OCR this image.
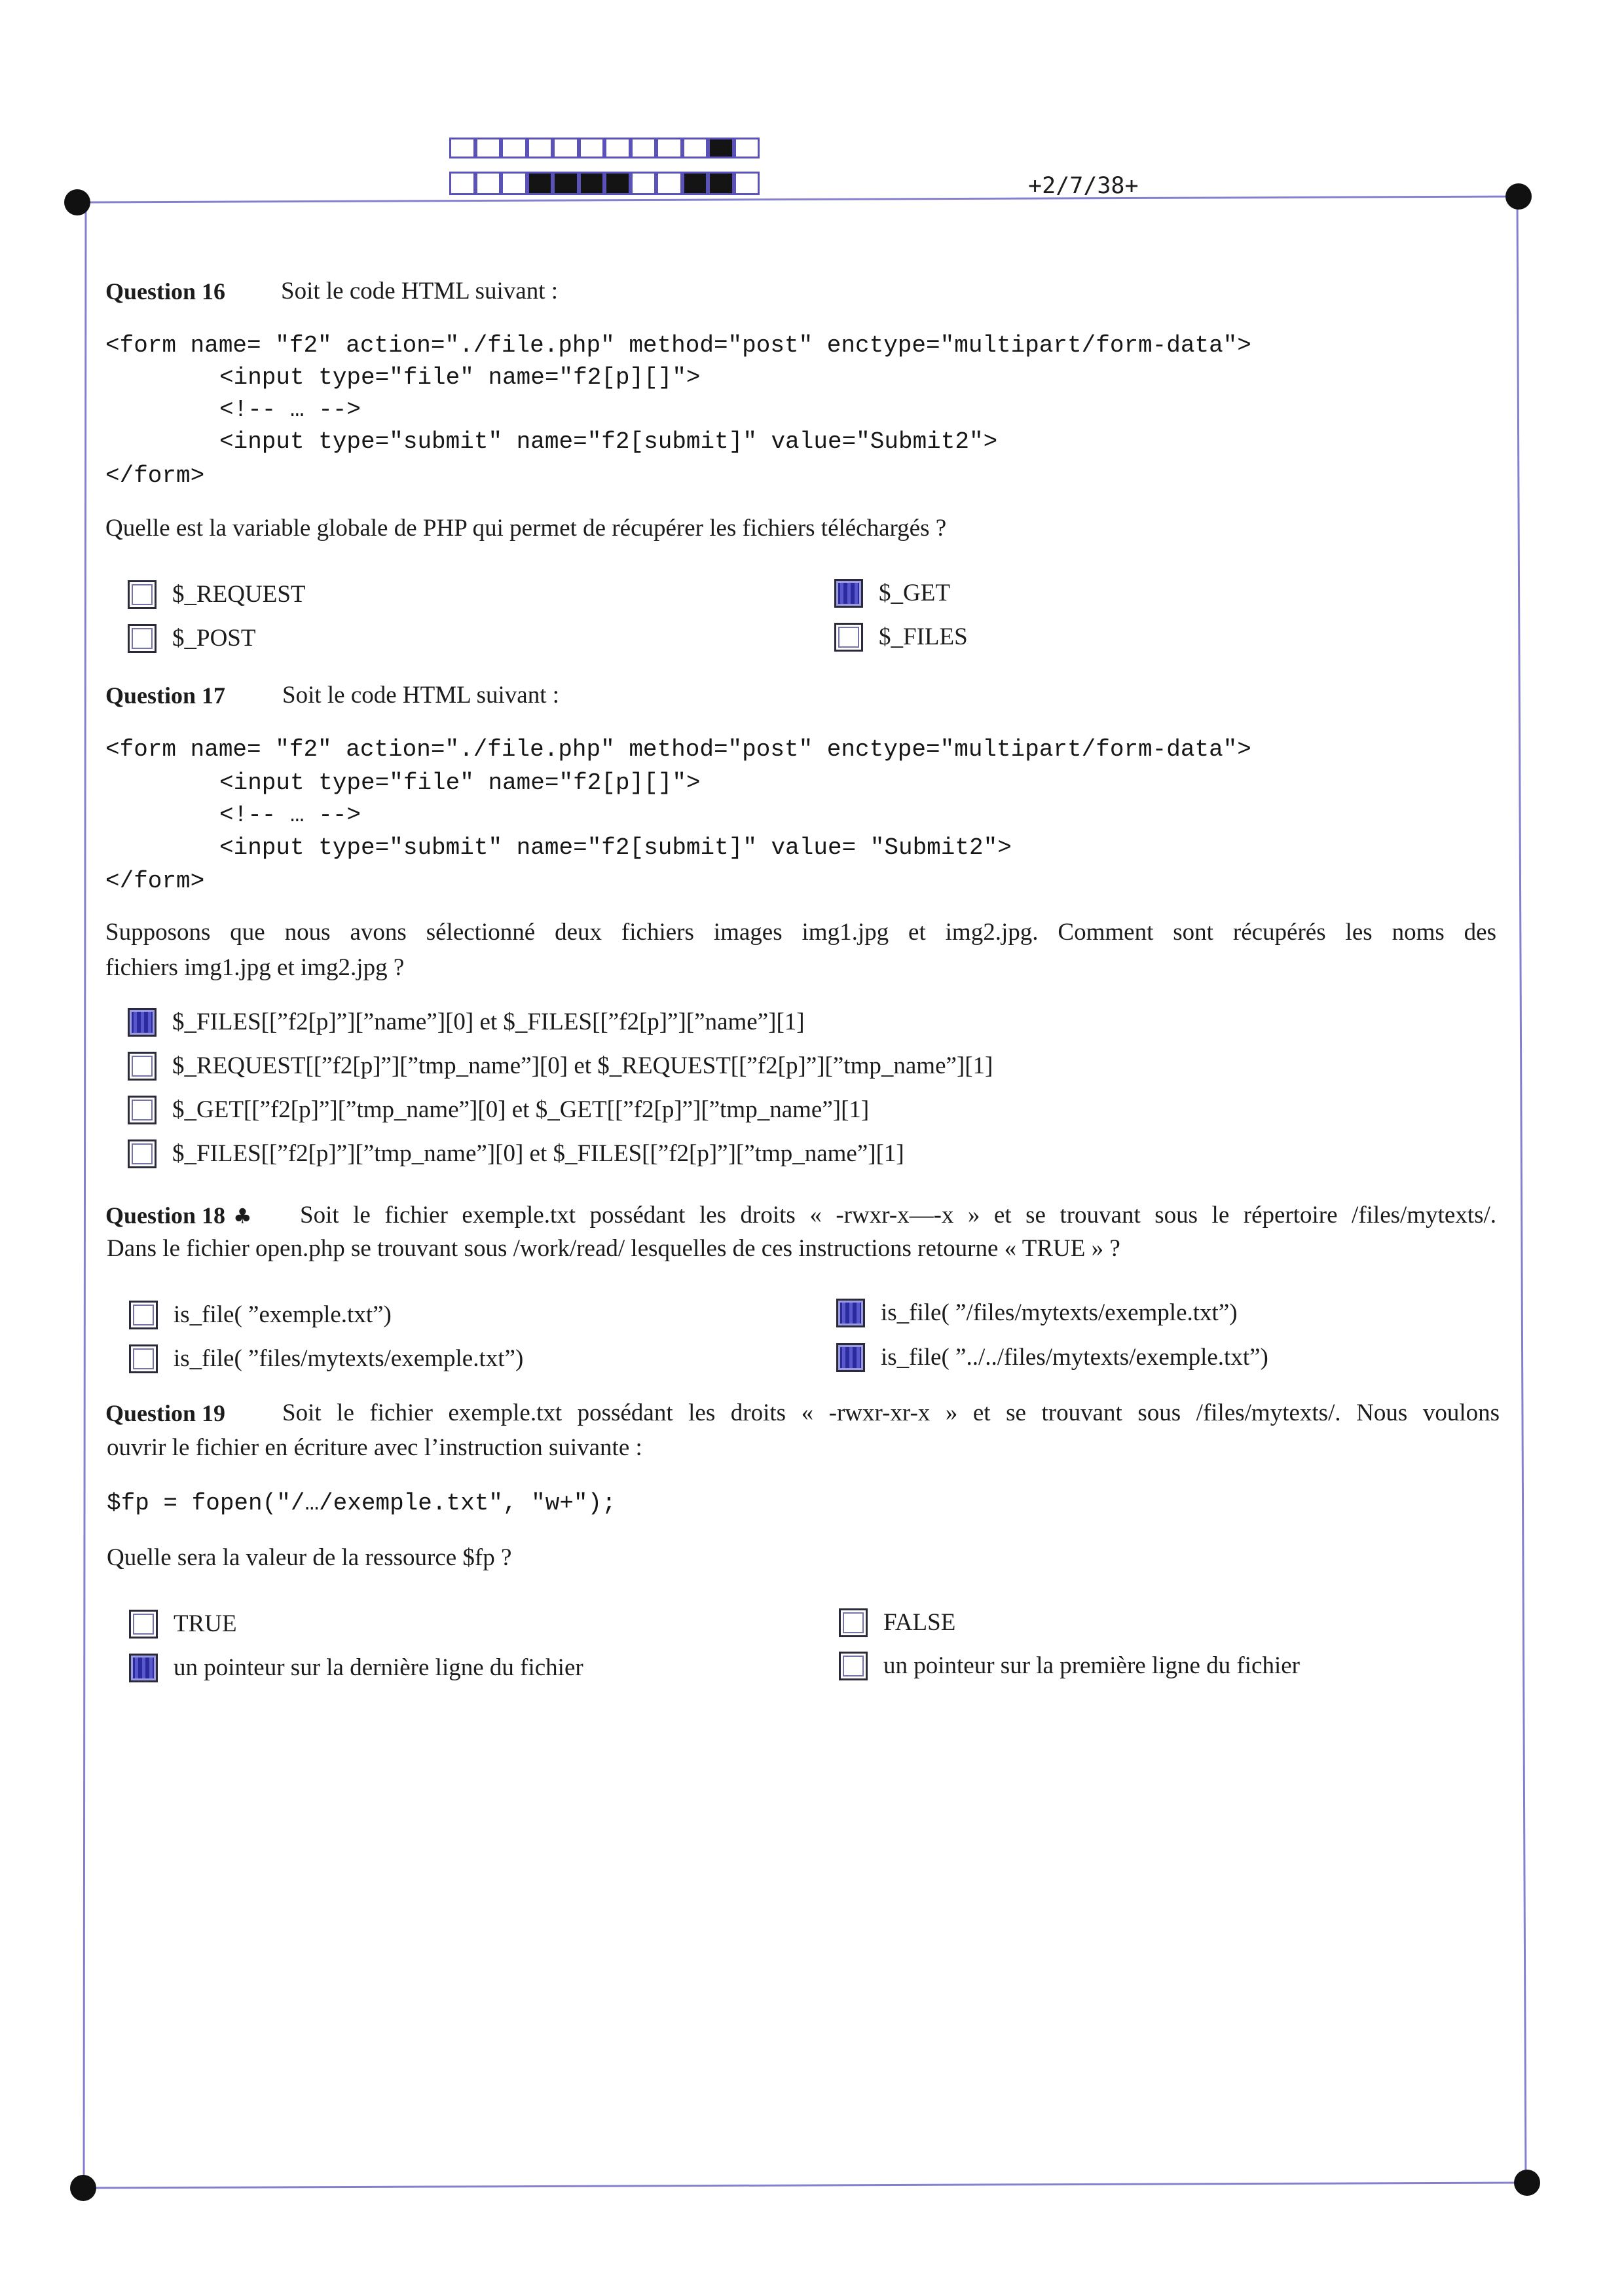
+2/7/38+
Question 16 Soit le code HTML suivant :
<form name= "f2" action="./file.php" method="post" enctype="multipart/form-data">
<input type="file" name="f2[p][]">
<!-- … -->
<input type="submit" name="f2[submit]" value="Submit2">
</form>
Quelle est la variable globale de PHP qui permet de récupérer les fichiers téléchargés ?
$_REQUEST	$_GET
$_POST	$_FILES
Question 17 Soit le code HTML suivant :
<form name= "f2" action="./file.php" method="post" enctype="multipart/form-data">
<input type="file" name="f2[p][]">
<!-- … -->
<input type="submit" name="f2[submit]" value= "Submit2">
</form>
Supposons que nous avons sélectionné deux fichiers images img1.jpg et img2.jpg. Comment sont récupérés les noms des
fichiers img1.jpg et img2.jpg ?
$_FILES[[”f2[p]”][”name”][0] et $_FILES[[”f2[p]”][”name”][1]
$_REQUEST[[”f2[p]”][”tmp_name”][0] et $_REQUEST[[”f2[p]”][”tmp_name”][1]
$_GET[[”f2[p]”][”tmp_name”][0] et $_GET[[”f2[p]”][”tmp_name”][1]
$_FILES[[”f2[p]”][”tmp_name”][0] et $_FILES[[”f2[p]”][”tmp_name”][1]
Question 18 ♣ Soit le fichier exemple.txt possédant les droits « -rwxr-x—-x » et se trouvant sous le répertoire /files/mytexts/.
Dans le fichier open.php se trouvant sous /work/read/ lesquelles de ces instructions retourne « TRUE » ?
is_file( ”exemple.txt”)	is_file( ”/files/mytexts/exemple.txt”)
is_file( ”files/mytexts/exemple.txt”)	is_file( ”../../files/mytexts/exemple.txt”)
Question 19 Soit le fichier exemple.txt possédant les droits « -rwxr-xr-x » et se trouvant sous /files/mytexts/. Nous voulons
ouvrir le fichier en écriture avec l’instruction suivante :
$fp = fopen("/…/exemple.txt", "w+");
Quelle sera la valeur de la ressource $fp ?
TRUE	FALSE
un pointeur sur la dernière ligne du fichier	un pointeur sur la première ligne du fichier
